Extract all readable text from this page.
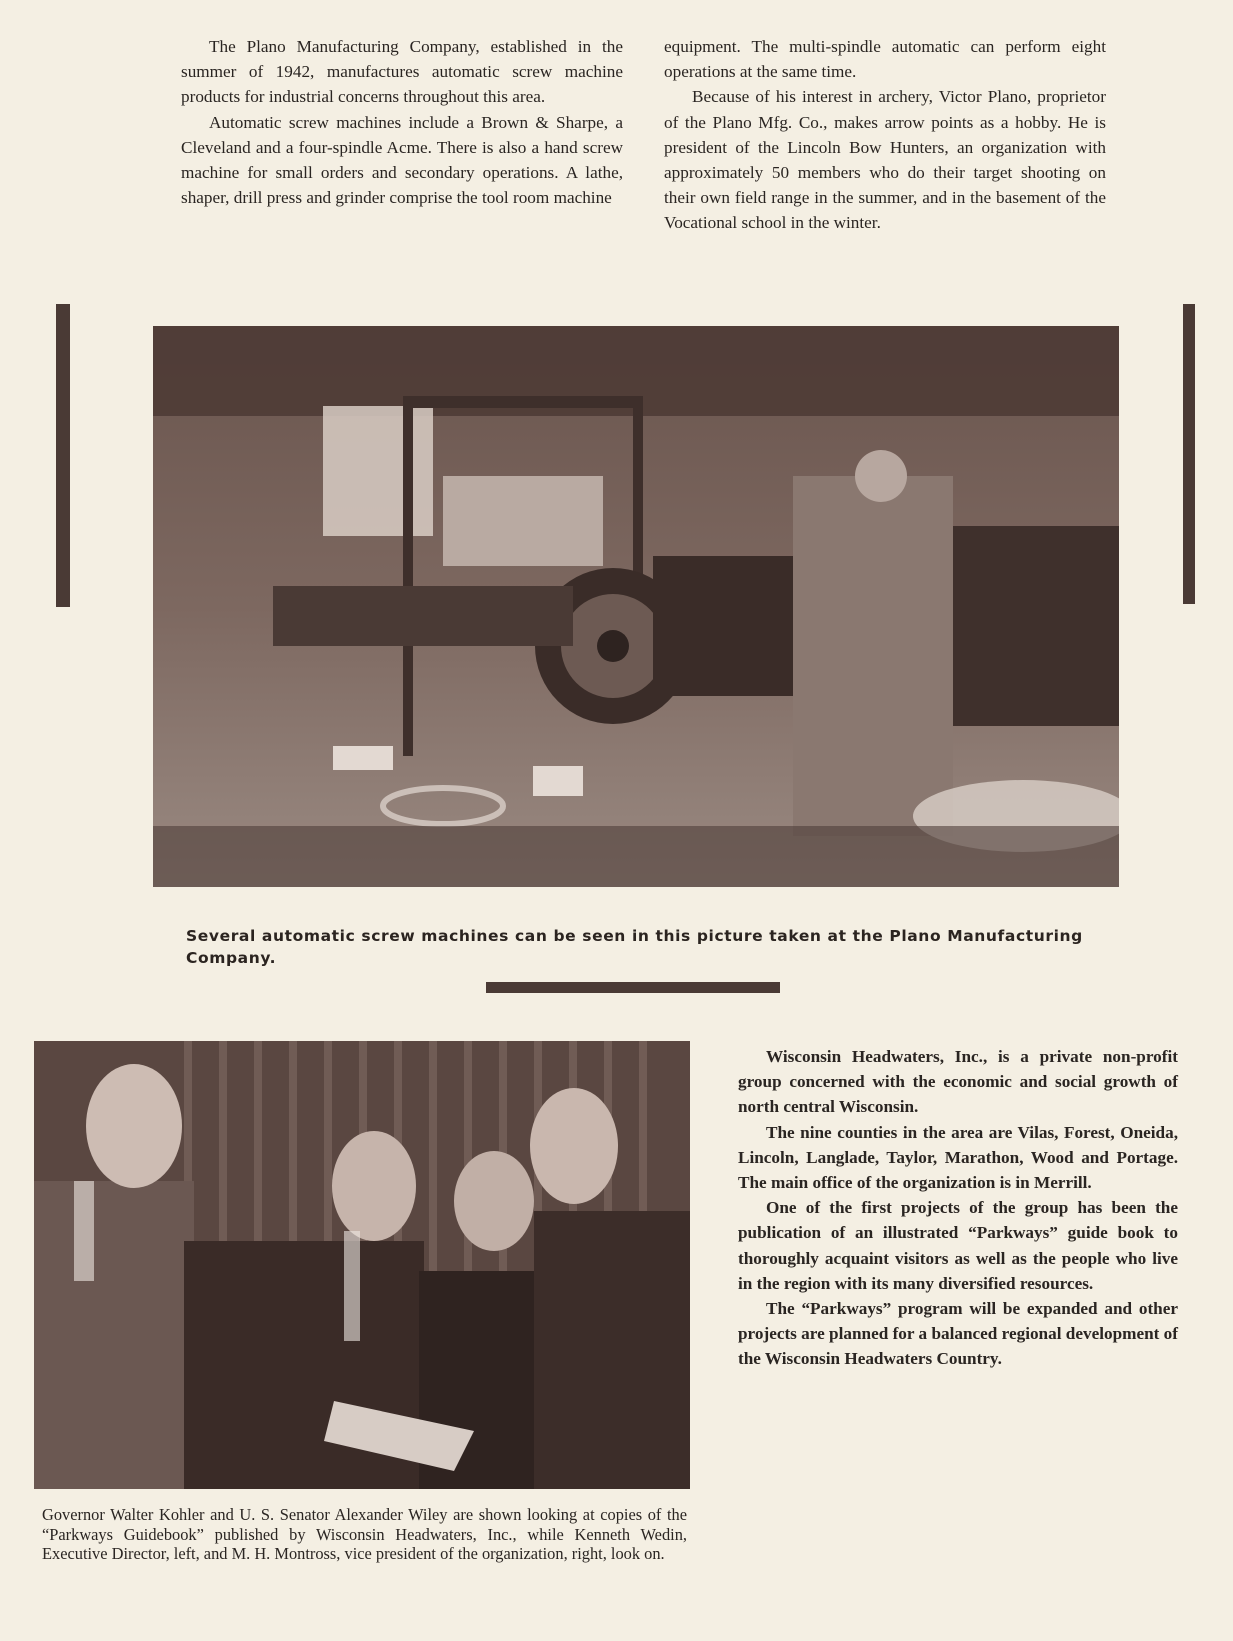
The Plano Manufacturing Company, established in the summer of 1942, manufactures automatic screw machine products for industrial concerns throughout this area.

Automatic screw machines include a Brown & Sharpe, a Cleveland and a four-spindle Acme. There is also a hand screw machine for small orders and secondary operations. A lathe, shaper, drill press and grinder comprise the tool room machine

equipment. The multi-spindle automatic can perform eight operations at the same time.

Because of his interest in archery, Victor Plano, proprietor of the Plano Mfg. Co., makes arrow points as a hobby. He is president of the Lincoln Bow Hunters, an organization with approximately 50 members who do their target shooting on their own field range in the summer, and in the basement of the Vocational school in the winter.

Several automatic screw machines can be seen in this picture taken at the Plano Manufacturing Company.
Governor Walter Kohler and U. S. Senator Alexander Wiley are shown looking at copies of the “Parkways Guidebook” published by Wisconsin Headwaters, Inc., while Kenneth Wedin, Executive Director, left, and M. H. Montross, vice president of the organization, right, look on.

Wisconsin Headwaters, Inc., is a private non-profit group concerned with the economic and social growth of north central Wisconsin.

The nine counties in the area are Vilas, Forest, Oneida, Lincoln, Langlade, Taylor, Marathon, Wood and Portage. The main office of the organization is in Merrill.

One of the first projects of the group has been the publication of an illustrated “Parkways” guide book to thoroughly acquaint visitors as well as the people who live in the region with its many diversified resources.

The “Parkways” program will be expanded and other projects are planned for a balanced regional development of the Wisconsin Headwaters Country.
